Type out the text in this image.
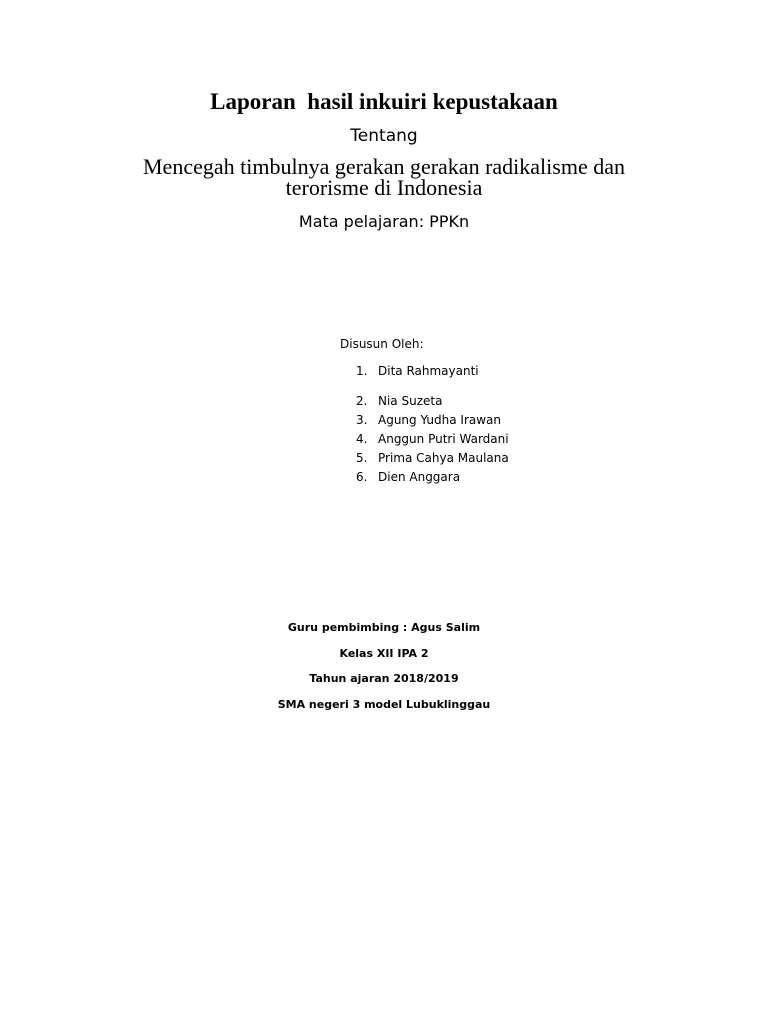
Laporan  hasil inkuiri kepustakaan
Tentang
Mencegah timbulnya gerakan gerakan radikalisme dan terorisme di Indonesia
Mata pelajaran: PPKn
Disusun Oleh:
1. Dita Rahmayanti
2. Nia Suzeta
3. Agung Yudha Irawan
4. Anggun Putri Wardani
5. Prima Cahya Maulana
6. Dien Anggara
Guru pembimbing : Agus Salim
Kelas XII IPA 2
Tahun ajaran 2018/2019
SMA negeri 3 model Lubuklinggau
